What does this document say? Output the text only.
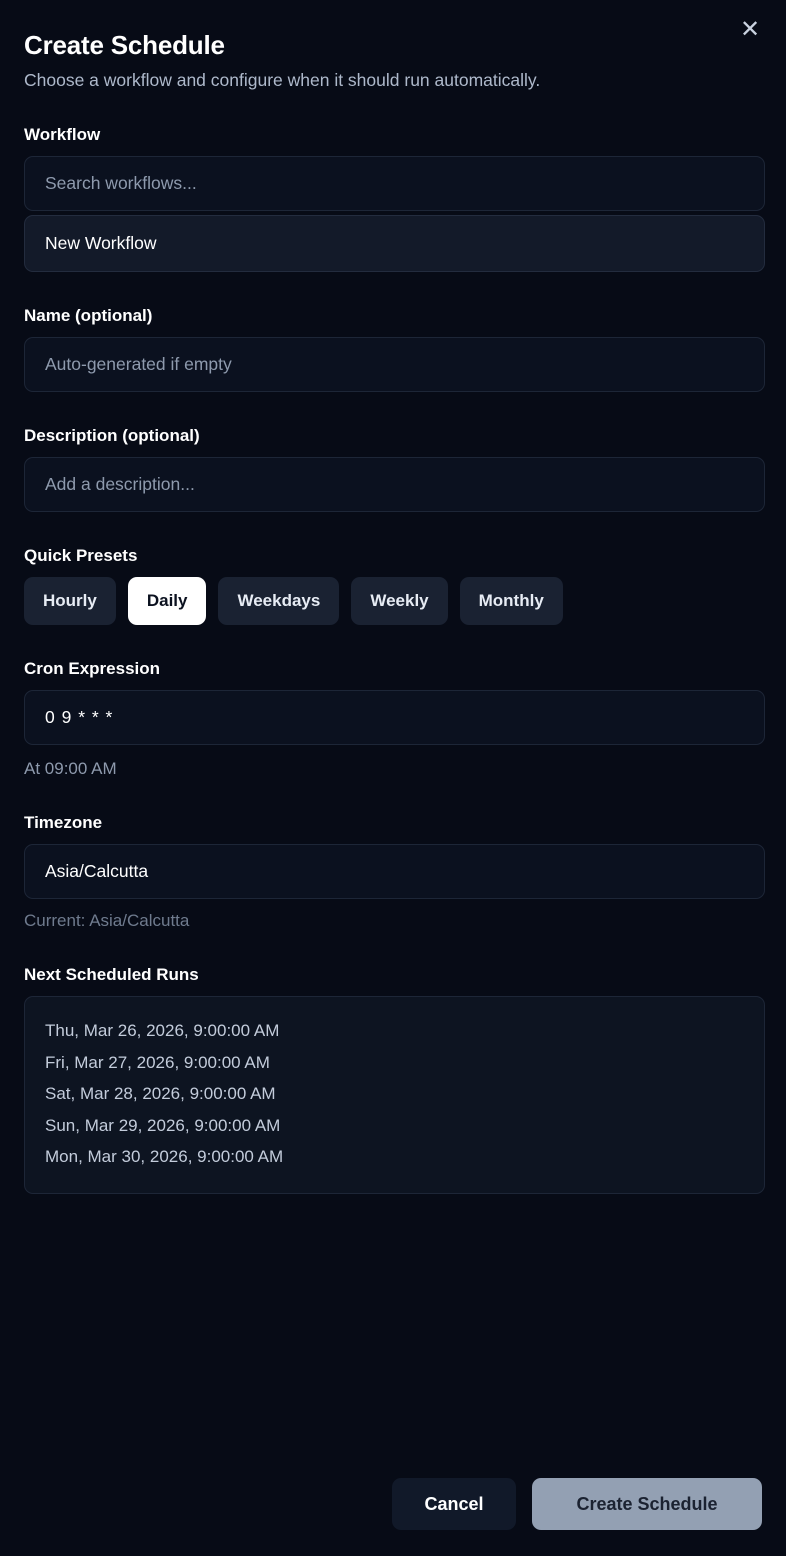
✕
Create Schedule
Choose a workflow and configure when it should run automatically.
Workflow
Search workflows...
New Workflow
Name (optional)
Auto-generated if empty
Description (optional)
Add a description...
Quick Presets
Hourly	Daily	Weekdays	Weekly	Monthly
Cron Expression
0 9 * * *
At 09:00 AM
Timezone
Asia/Calcutta
Current: Asia/Calcutta
Next Scheduled Runs
Thu, Mar 26, 2026, 9:00:00 AM
Fri, Mar 27, 2026, 9:00:00 AM
Sat, Mar 28, 2026, 9:00:00 AM
Sun, Mar 29, 2026, 9:00:00 AM
Mon, Mar 30, 2026, 9:00:00 AM
Cancel	Create Schedule
